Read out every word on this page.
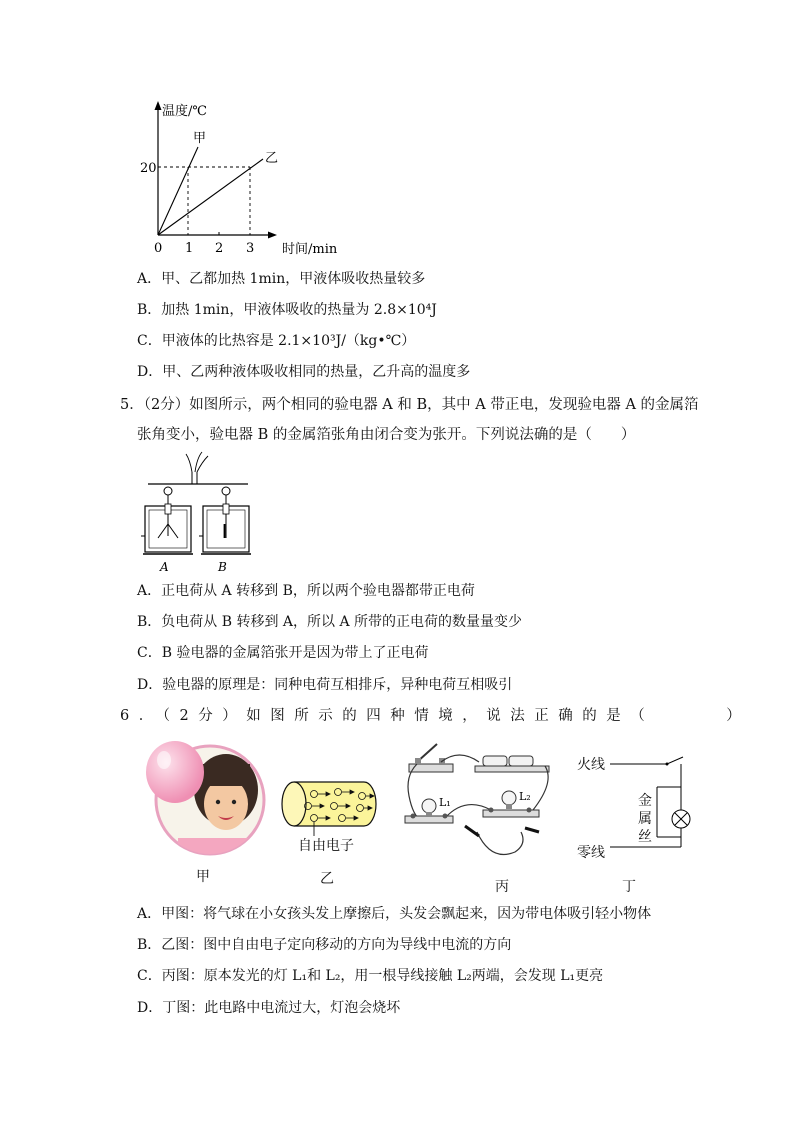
温度/℃
时间/min
甲
乙
20
0 1 2 3
A．甲、乙都加热 1min，甲液体吸收热量较多
B．加热 1min，甲液体吸收的热量为 2.8×10⁴J
C．甲液体的比热容是 2.1×10³J/（kg•℃）
D．甲、乙两种液体吸收相同的热量，乙升高的温度多
5．（2分）如图所示，两个相同的验电器 A 和 B，其中 A 带正电，发现验电器 A 的金属箔
张角变小，验电器 B 的金属箔张角由闭合变为张开。下列说法确的是（　　）
A	B
A．正电荷从 A 转移到 B，所以两个验电器都带正电荷
B．负电荷从 B 转移到 A，所以 A 所带的正电荷的数量量变少
C．B 验电器的金属箔张开是因为带上了正电荷
D．验电器的原理是：同种电荷互相排斥，异种电荷互相吸引
6．（2分）如图所示的四种情境，说法正确的是（　　　）
甲
自由电子
乙
L₁	L₂
丙
火线
零线
金
属
丝
丁
A．甲图：将气球在小女孩头发上摩擦后，头发会飘起来，因为带电体吸引轻小物体
B．乙图：图中自由电子定向移动的方向为导线中电流的方向
C．丙图：原本发光的灯 L₁和 L₂，用一根导线接触 L₂两端，会发现 L₁更亮
D．丁图：此电路中电流过大，灯泡会烧坏
